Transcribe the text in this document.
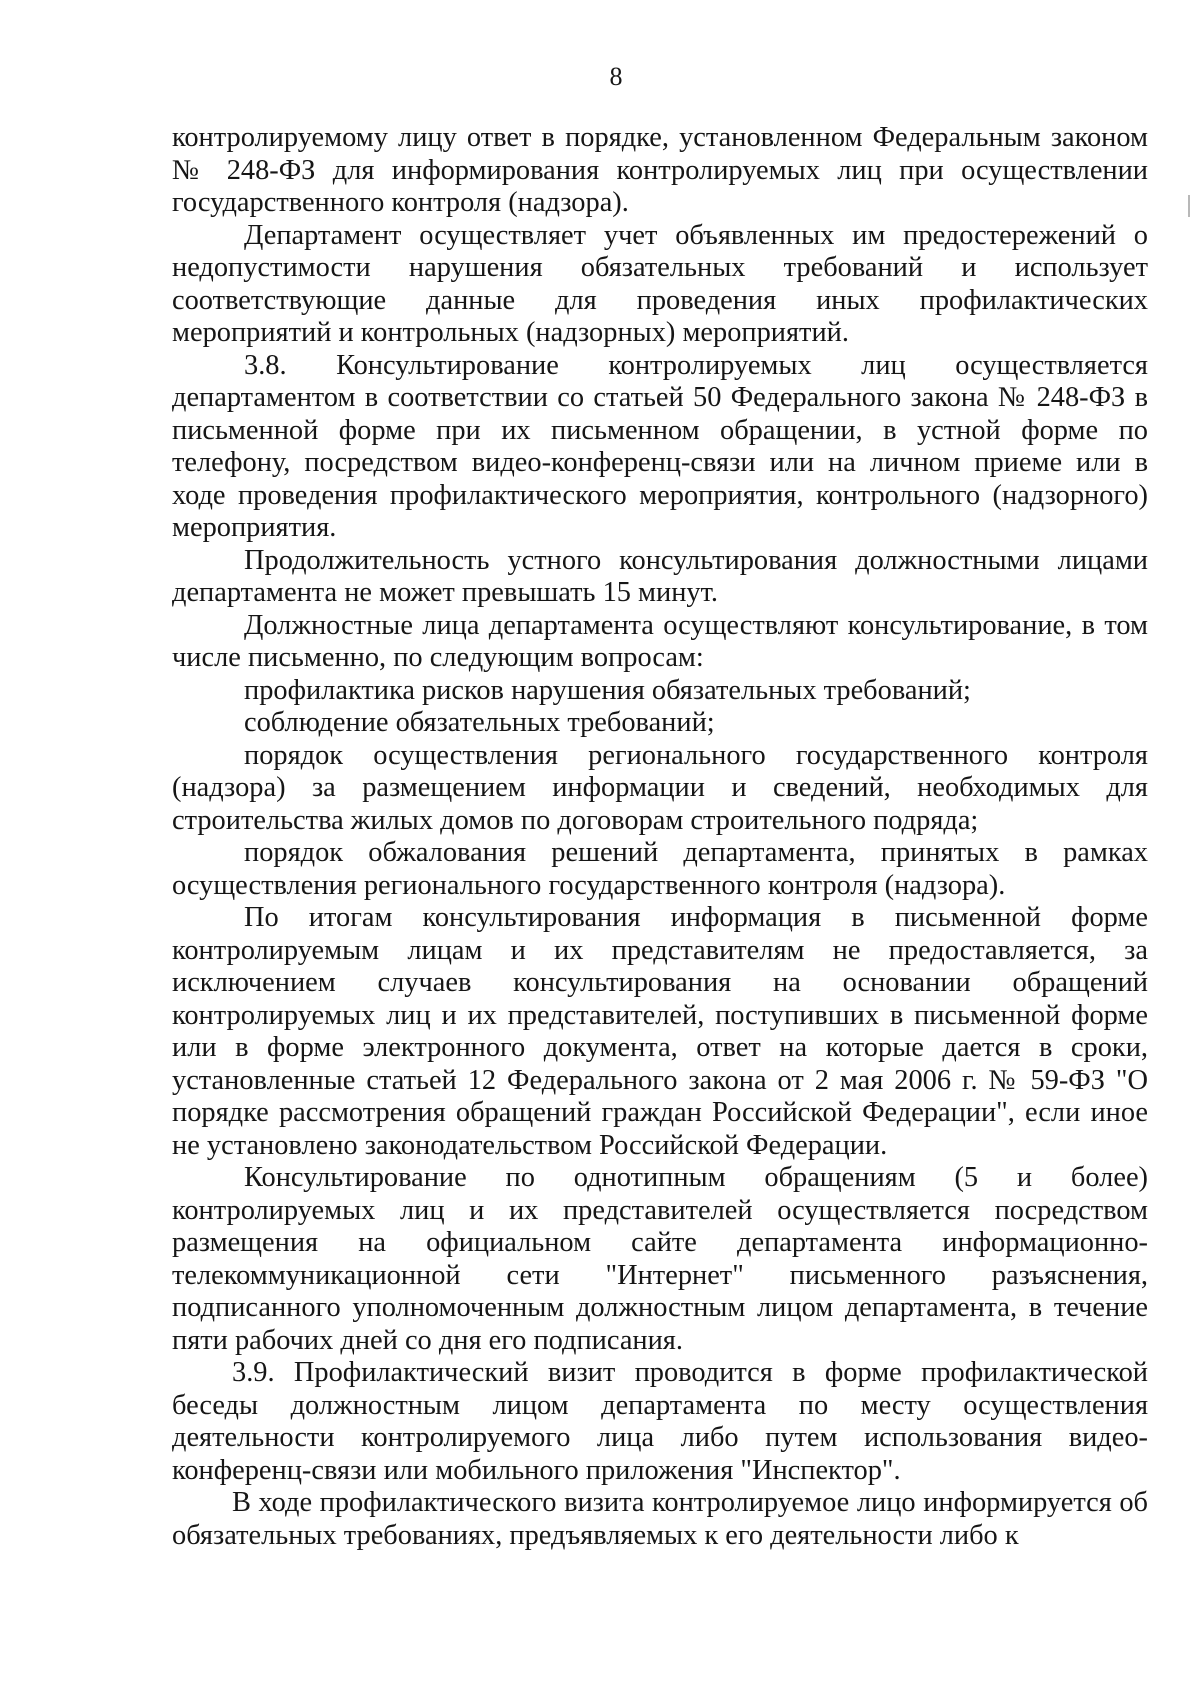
8

контролируемому лицу ответ в порядке, установленном Федеральным законом № 248-ФЗ для информирования контролируемых лиц при осуществлении государственного контроля (надзора).

Департамент осуществляет учет объявленных им предостережений о недопустимости нарушения обязательных требований и использует соответствующие данные для проведения иных профилактических мероприятий и контрольных (надзорных) мероприятий.

3.8. Консультирование контролируемых лиц осуществляется департаментом в соответствии со статьей 50 Федерального закона № 248-ФЗ в письменной форме при их письменном обращении, в устной форме по телефону, посредством видео-конференц-связи или на личном приеме или в ходе проведения профилактического мероприятия, контрольного (надзорного) мероприятия.

Продолжительность устного консультирования должностными лицами департамента не может превышать 15 минут.

Должностные лица департамента осуществляют консультирование, в том числе письменно, по следующим вопросам:

профилактика рисков нарушения обязательных требований;

соблюдение обязательных требований;

порядок осуществления регионального государственного контроля (надзора) за размещением информации и сведений, необходимых для строительства жилых домов по договорам строительного подряда;

порядок обжалования решений департамента, принятых в рамках осуществления регионального государственного контроля (надзора).

По итогам консультирования информация в письменной форме контролируемым лицам и их представителям не предоставляется, за исключением случаев консультирования на основании обращений контролируемых лиц и их представителей, поступивших в письменной форме или в форме электронного документа, ответ на которые дается в сроки, установленные статьей 12 Федерального закона от 2 мая 2006 г. № 59-ФЗ "О порядке рассмотрения обращений граждан Российской Федерации", если иное не установлено законодательством Российской Федерации.

Консультирование по однотипным обращениям (5 и более) контролируемых лиц и их представителей осуществляется посредством размещения на официальном сайте департамента информационно-телекоммуникационной сети "Интернет" письменного разъяснения, подписанного уполномоченным должностным лицом департамента, в течение пяти рабочих дней со дня его подписания.

3.9. Профилактический визит проводится в форме профилактической беседы должностным лицом департамента по месту осуществления деятельности контролируемого лица либо путем использования видео-конференц-связи или мобильного приложения "Инспектор".

В ходе профилактического визита контролируемое лицо информируется об обязательных требованиях, предъявляемых к его деятельности либо к
